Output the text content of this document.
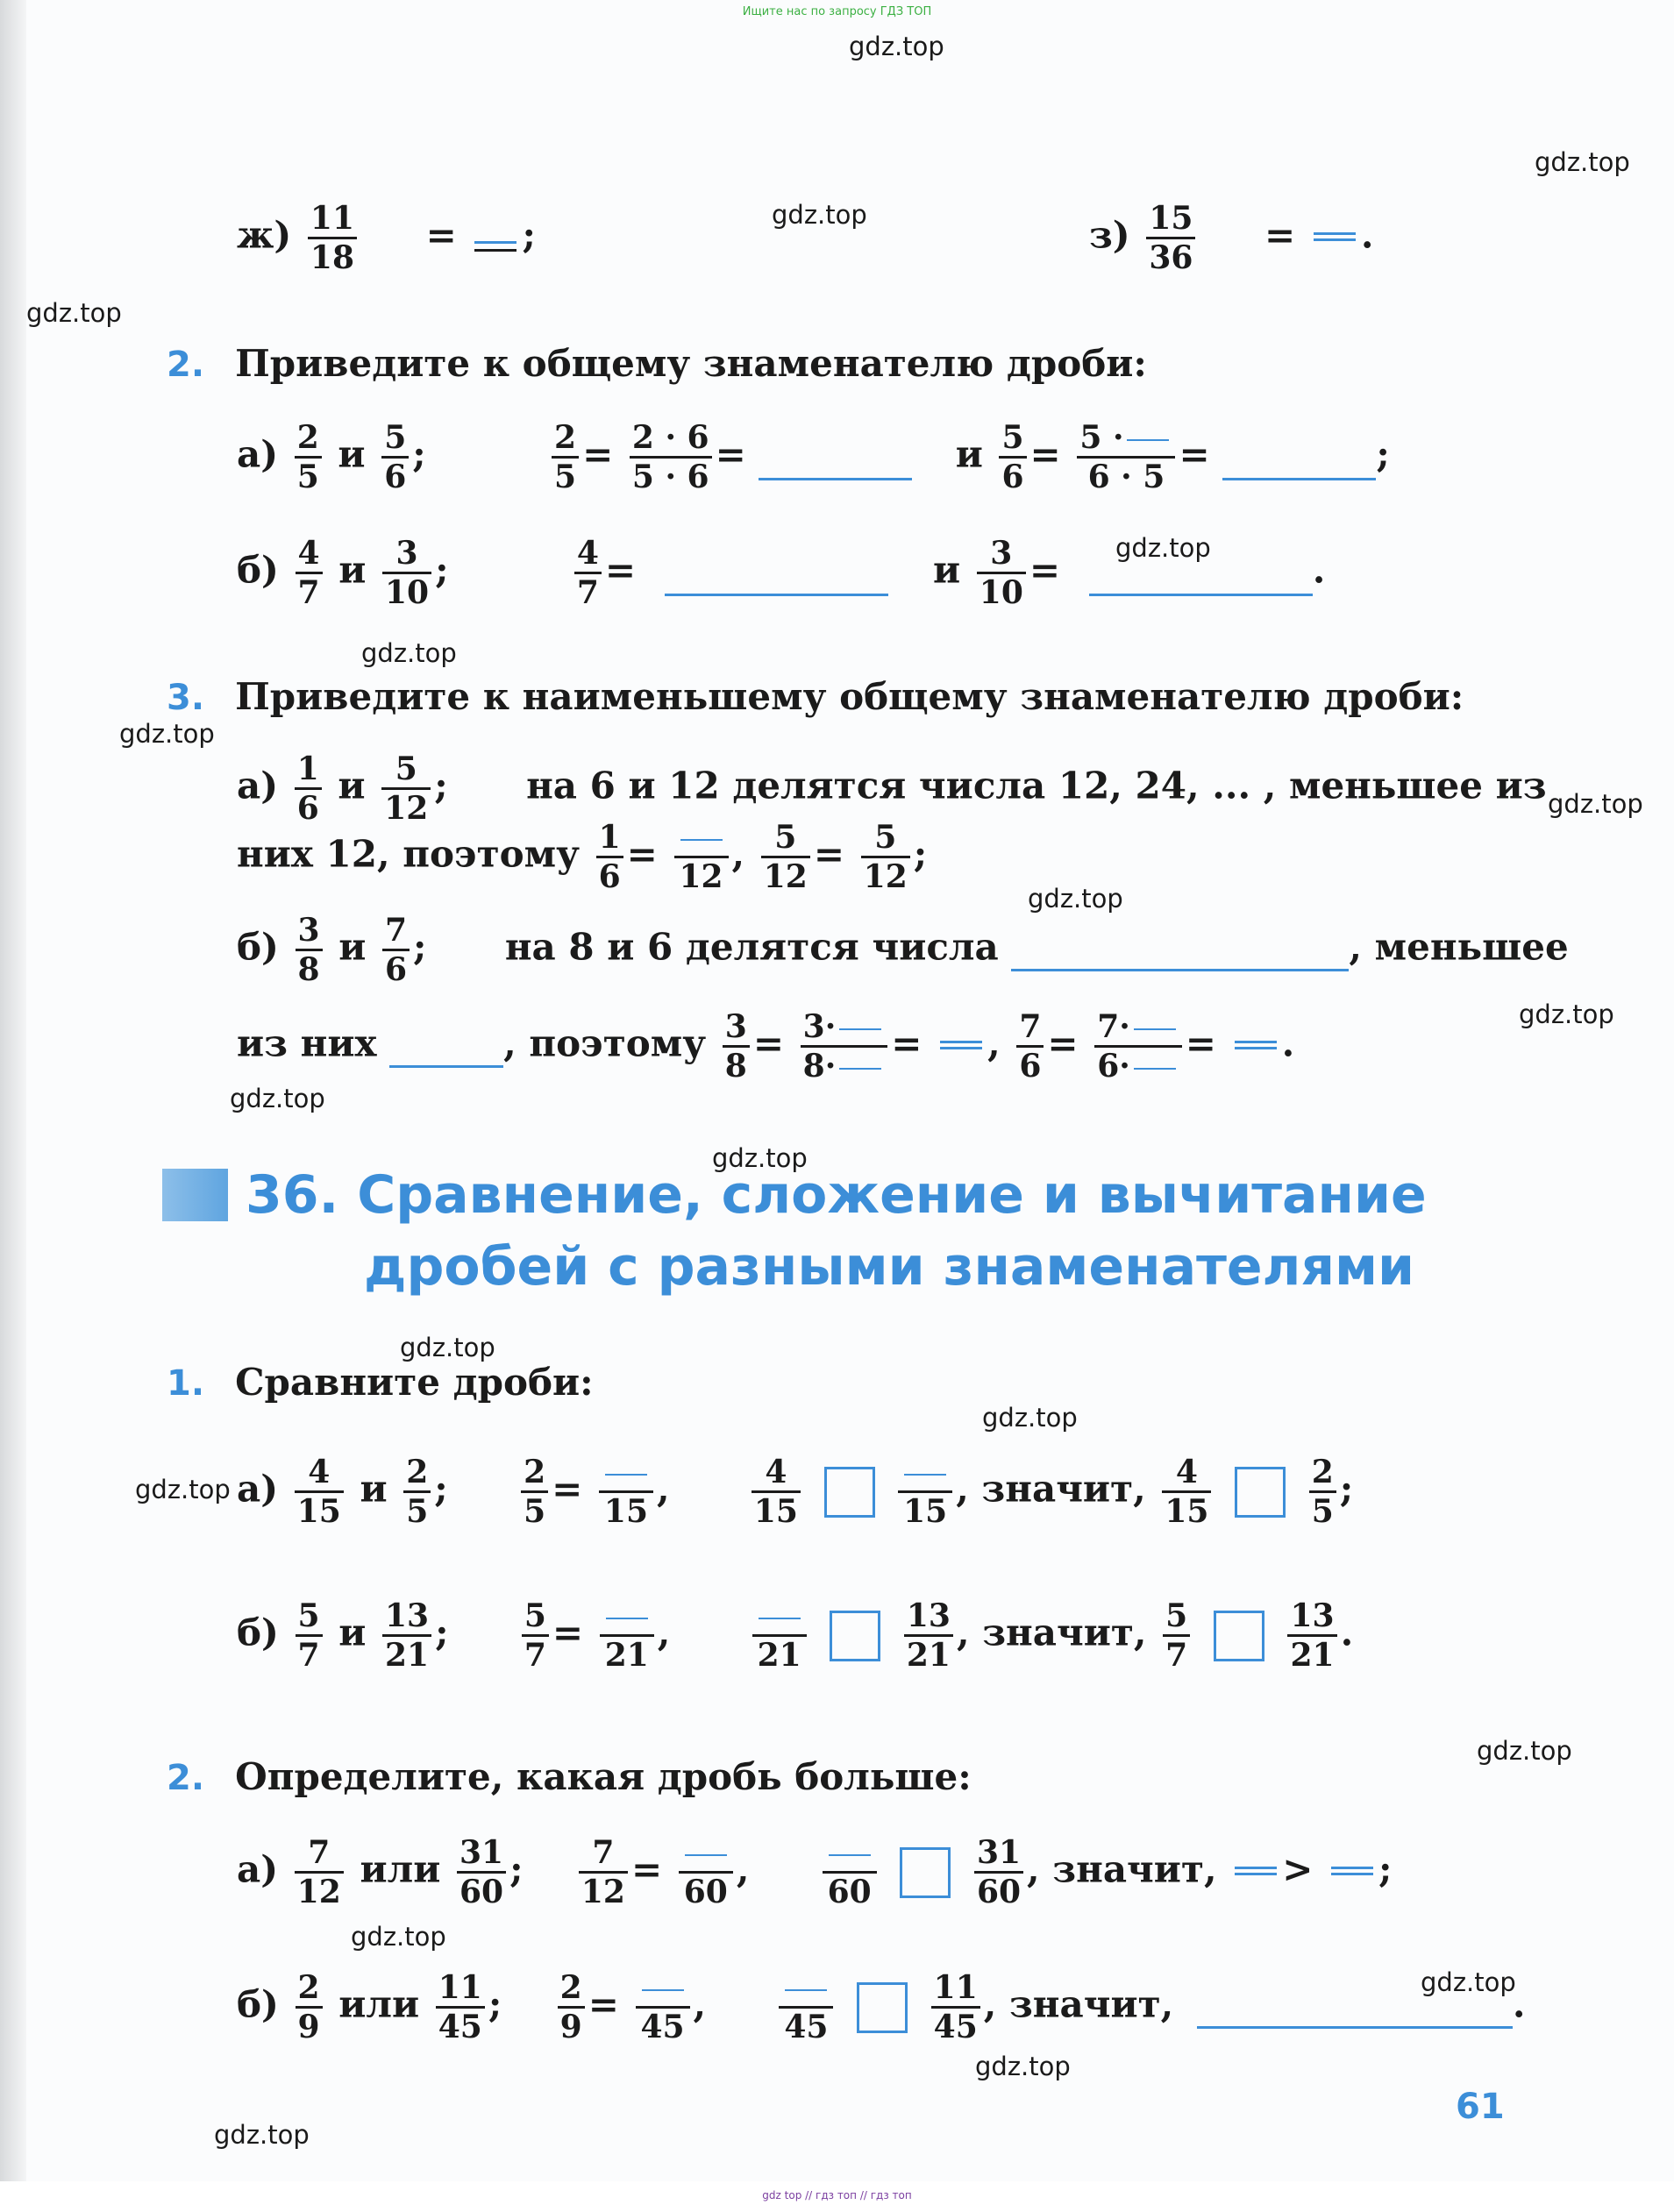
Ищите нас по запросу ГДЗ ТОП
gdz.top
gdz.top
gdz.top
gdz.top
gdz.top
gdz.top
gdz.top
gdz.top
gdz.top
gdz.top
gdz.top
gdz.top
gdz.top
gdz.top
gdz.top
gdz.top
gdz.top
gdz.top
gdz.top
gdz.top
$ж) \frac{11}{18}$ =
;	$з) \frac{15}{36}$ =
.
2. Приведите к общему знаменателю дроби:
$а) \frac{2}{5}$ и $\frac{5}{6}$ ;	$\frac{2}{5} = \frac{2 \cdot 6}{5 \cdot 6}$ =	и $\frac{5}{6} = \frac{5 \cdot}{6 \cdot 5}$ =	;
$б) \frac{4}{7}$ и $\frac{3}{10}$ ;	$\frac{4}{7}$ =	и $\frac{3}{10}$ =	.
3. Приведите к наименьшему общему знаменателю дроби:
$а) \frac{1}{6}$ и $\frac{5}{12}$ ;  на 6 и 12 делятся числа 12, 24, ... , меньшее из
них 12, поэтому $\frac{1}{6}$ =
12
, $\frac{5}{12} = \frac{5}{12}$ ;
$б) \frac{3}{8}$ и $\frac{7}{6}$ ;  на 8 и 6 делятся числа	, меньшее
из них	, поэтому $\frac{3}{8} = \frac{3\cdot}{8\cdot}$ =
, $\frac{7}{6} = \frac{7\cdot}{6\cdot}$ =
.
36. Сравнение, сложение и вычитание
дробей с разными знаменателями
1. Сравните дроби:
$а) \frac{4}{15}$ и $\frac{2}{5}$ ; $\frac{2}{5}$ =
15
, $\frac{4}{15}$
	15
, значит, $\frac{4}{15}$
	$\frac{2}{5}$ ;
$б) \frac{5}{7}$ и $\frac{13}{21}$ ; $\frac{5}{7}$ =
21
,
21
	$\frac{13}{21}$ , значит, $\frac{5}{7}$
	$\frac{13}{21}$ .
2. Определите, какая дробь больше:
$а) \frac{7}{12}$ или $\frac{31}{60}$ ; $\frac{7}{12}$ =
60
,
60
	$\frac{31}{60}$ , значит, >
;
$б) \frac{2}{9}$ или $\frac{11}{45}$ ; $\frac{2}{9}$ =
45
,
45
	$\frac{11}{45}$ , значит,	.
61
gdz top // гдз топ // гдз топ
